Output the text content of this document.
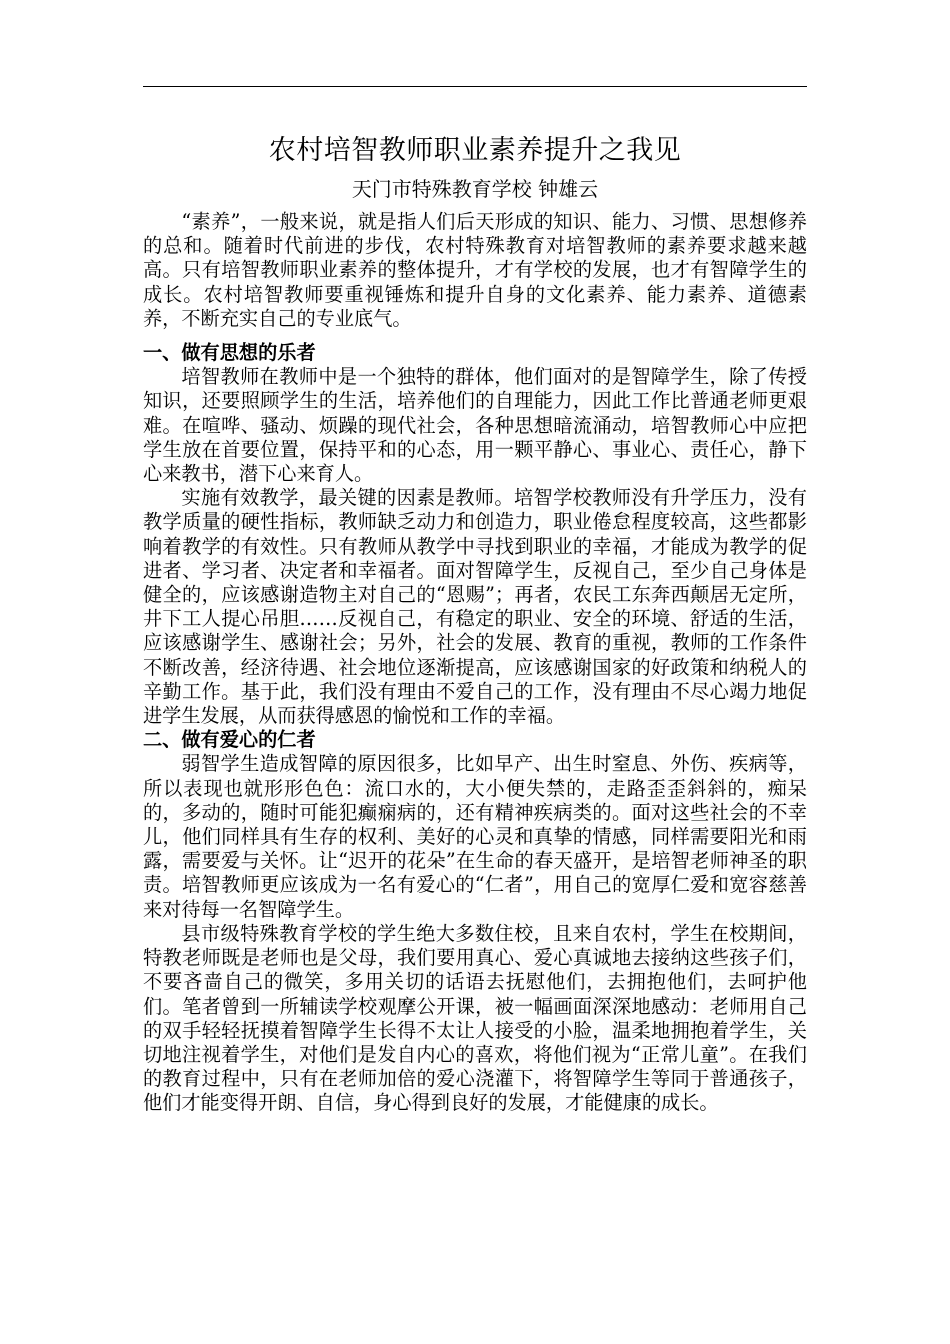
农村培智教师职业素养提升之我见
天门市特殊教育学校 钟雄云

“素养”，一般来说，就是指人们后天形成的知识、能力、习惯、思想修养的总和。随着时代前进的步伐，农村特殊教育对培智教师的素养要求越来越高。只有培智教师职业素养的整体提升，才有学校的发展，也才有智障学生的成长。农村培智教师要重视锤炼和提升自身的文化素养、能力素养、道德素养，不断充实自己的专业底气。

一、做有思想的乐者

培智教师在教师中是一个独特的群体，他们面对的是智障学生，除了传授知识，还要照顾学生的生活，培养他们的自理能力，因此工作比普通老师更艰难。在喧哗、骚动、烦躁的现代社会，各种思想暗流涌动，培智教师心中应把学生放在首要位置，保持平和的心态，用一颗平静心、事业心、责任心，静下心来教书，潜下心来育人。

实施有效教学，最关键的因素是教师。培智学校教师没有升学压力，没有教学质量的硬性指标，教师缺乏动力和创造力，职业倦怠程度较高，这些都影响着教学的有效性。只有教师从教学中寻找到职业的幸福，才能成为教学的促进者、学习者、决定者和幸福者。面对智障学生，反视自己，至少自己身体是健全的，应该感谢造物主对自己的“恩赐”；再者，农民工东奔西颠居无定所，井下工人提心吊胆……反视自己，有稳定的职业、安全的环境、舒适的生活，应该感谢学生、感谢社会；另外，社会的发展、教育的重视，教师的工作条件不断改善，经济待遇、社会地位逐渐提高，应该感谢国家的好政策和纳税人的辛勤工作。基于此，我们没有理由不爱自己的工作，没有理由不尽心竭力地促进学生发展，从而获得感恩的愉悦和工作的幸福。

二、做有爱心的仁者

弱智学生造成智障的原因很多，比如早产、出生时窒息、外伤、疾病等，所以表现也就形形色色：流口水的，大小便失禁的，走路歪歪斜斜的，痴呆的，多动的，随时可能犯癫痫病的，还有精神疾病类的。面对这些社会的不幸儿，他们同样具有生存的权利、美好的心灵和真挚的情感，同样需要阳光和雨露，需要爱与关怀。让“迟开的花朵”在生命的春天盛开，是培智老师神圣的职责。培智教师更应该成为一名有爱心的“仁者”，用自己的宽厚仁爱和宽容慈善来对待每一名智障学生。

县市级特殊教育学校的学生绝大多数住校，且来自农村，学生在校期间，特教老师既是老师也是父母，我们要用真心、爱心真诚地去接纳这些孩子们，不要吝啬自己的微笑，多用关切的话语去抚慰他们，去拥抱他们，去呵护他们。笔者曾到一所辅读学校观摩公开课，被一幅画面深深地感动：老师用自己的双手轻轻抚摸着智障学生长得不太让人接受的小脸，温柔地拥抱着学生，关切地注视着学生，对他们是发自内心的喜欢，将他们视为“正常儿童”。在我们的教育过程中，只有在老师加倍的爱心浇灌下，将智障学生等同于普通孩子，他们才能变得开朗、自信，身心得到良好的发展，才能健康的成长。
